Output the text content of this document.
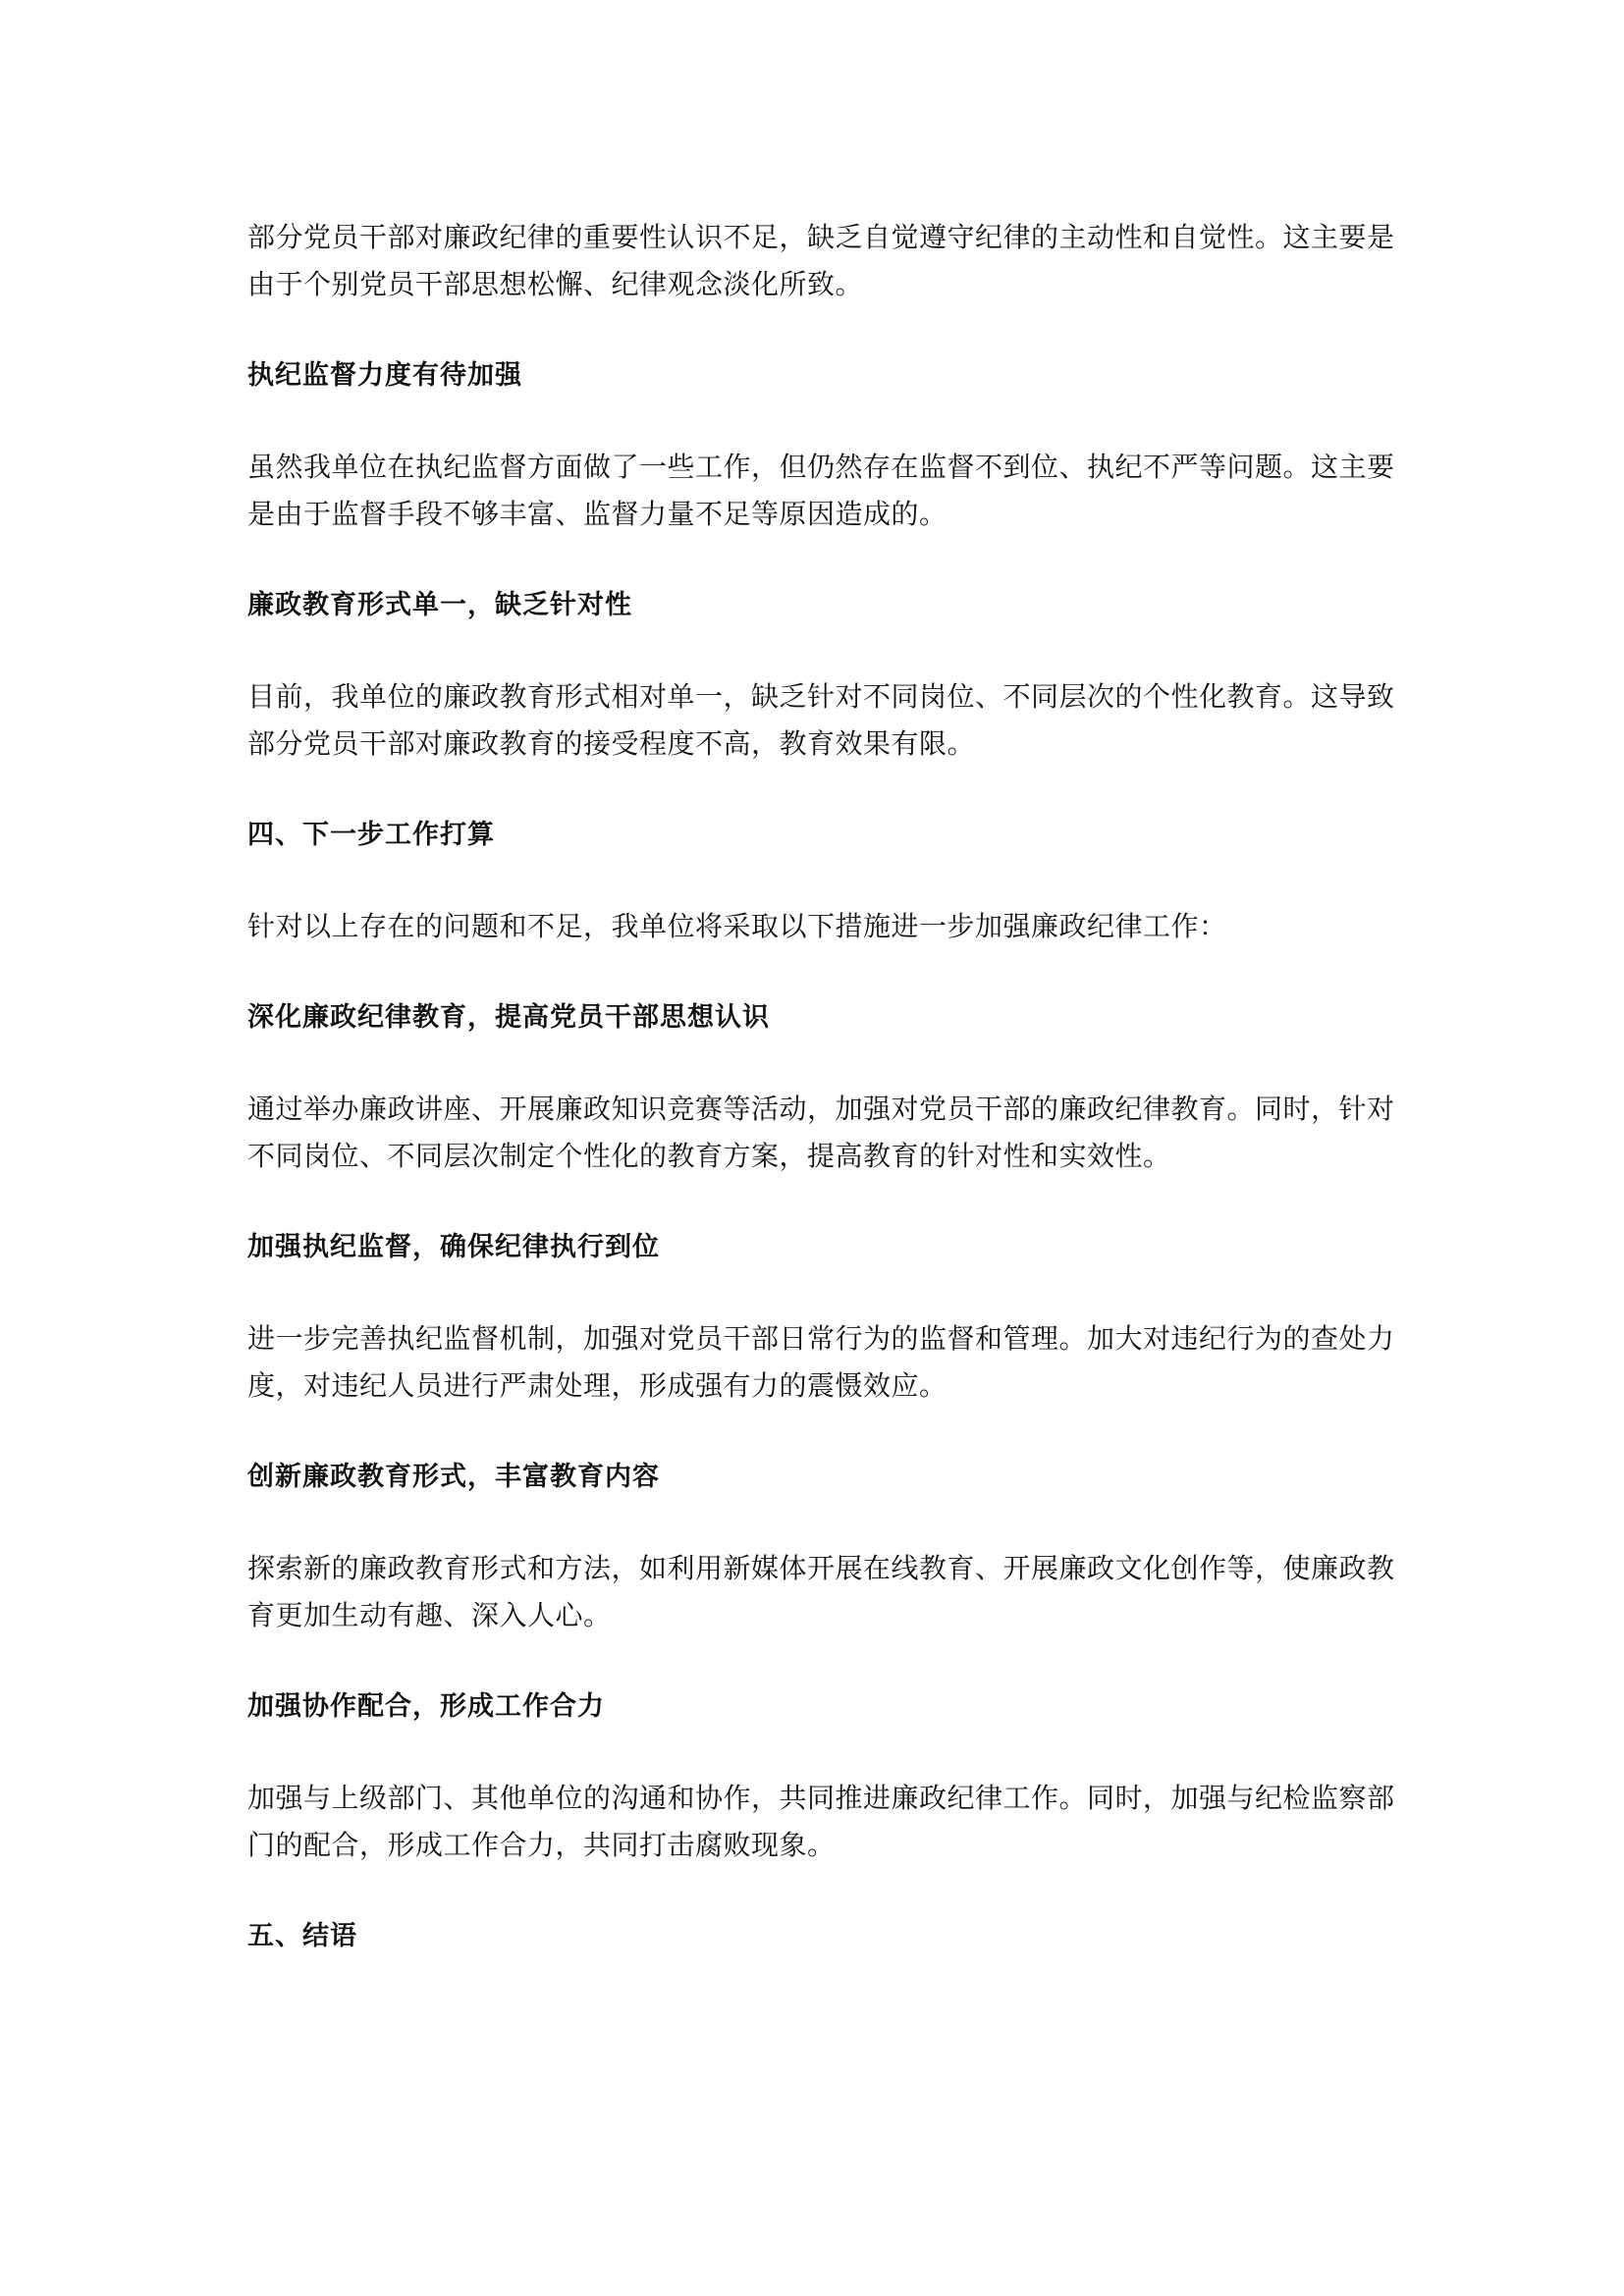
部分党员干部对廉政纪律的重要性认识不足，缺乏自觉遵守纪律的主动性和自觉性。这主要是由于个别党员干部思想松懈、纪律观念淡化所致。

执纪监督力度有待加强

虽然我单位在执纪监督方面做了一些工作，但仍然存在监督不到位、执纪不严等问题。这主要是由于监督手段不够丰富、监督力量不足等原因造成的。

廉政教育形式单一，缺乏针对性

目前，我单位的廉政教育形式相对单一，缺乏针对不同岗位、不同层次的个性化教育。这导致部分党员干部对廉政教育的接受程度不高，教育效果有限。

四、下一步工作打算

针对以上存在的问题和不足，我单位将采取以下措施进一步加强廉政纪律工作：

深化廉政纪律教育，提高党员干部思想认识

通过举办廉政讲座、开展廉政知识竞赛等活动，加强对党员干部的廉政纪律教育。同时，针对不同岗位、不同层次制定个性化的教育方案，提高教育的针对性和实效性。

加强执纪监督，确保纪律执行到位

进一步完善执纪监督机制，加强对党员干部日常行为的监督和管理。加大对违纪行为的查处力度，对违纪人员进行严肃处理，形成强有力的震慑效应。

创新廉政教育形式，丰富教育内容

探索新的廉政教育形式和方法，如利用新媒体开展在线教育、开展廉政文化创作等，使廉政教育更加生动有趣、深入人心。

加强协作配合，形成工作合力

加强与上级部门、其他单位的沟通和协作，共同推进廉政纪律工作。同时，加强与纪检监察部门的配合，形成工作合力，共同打击腐败现象。

五、结语
